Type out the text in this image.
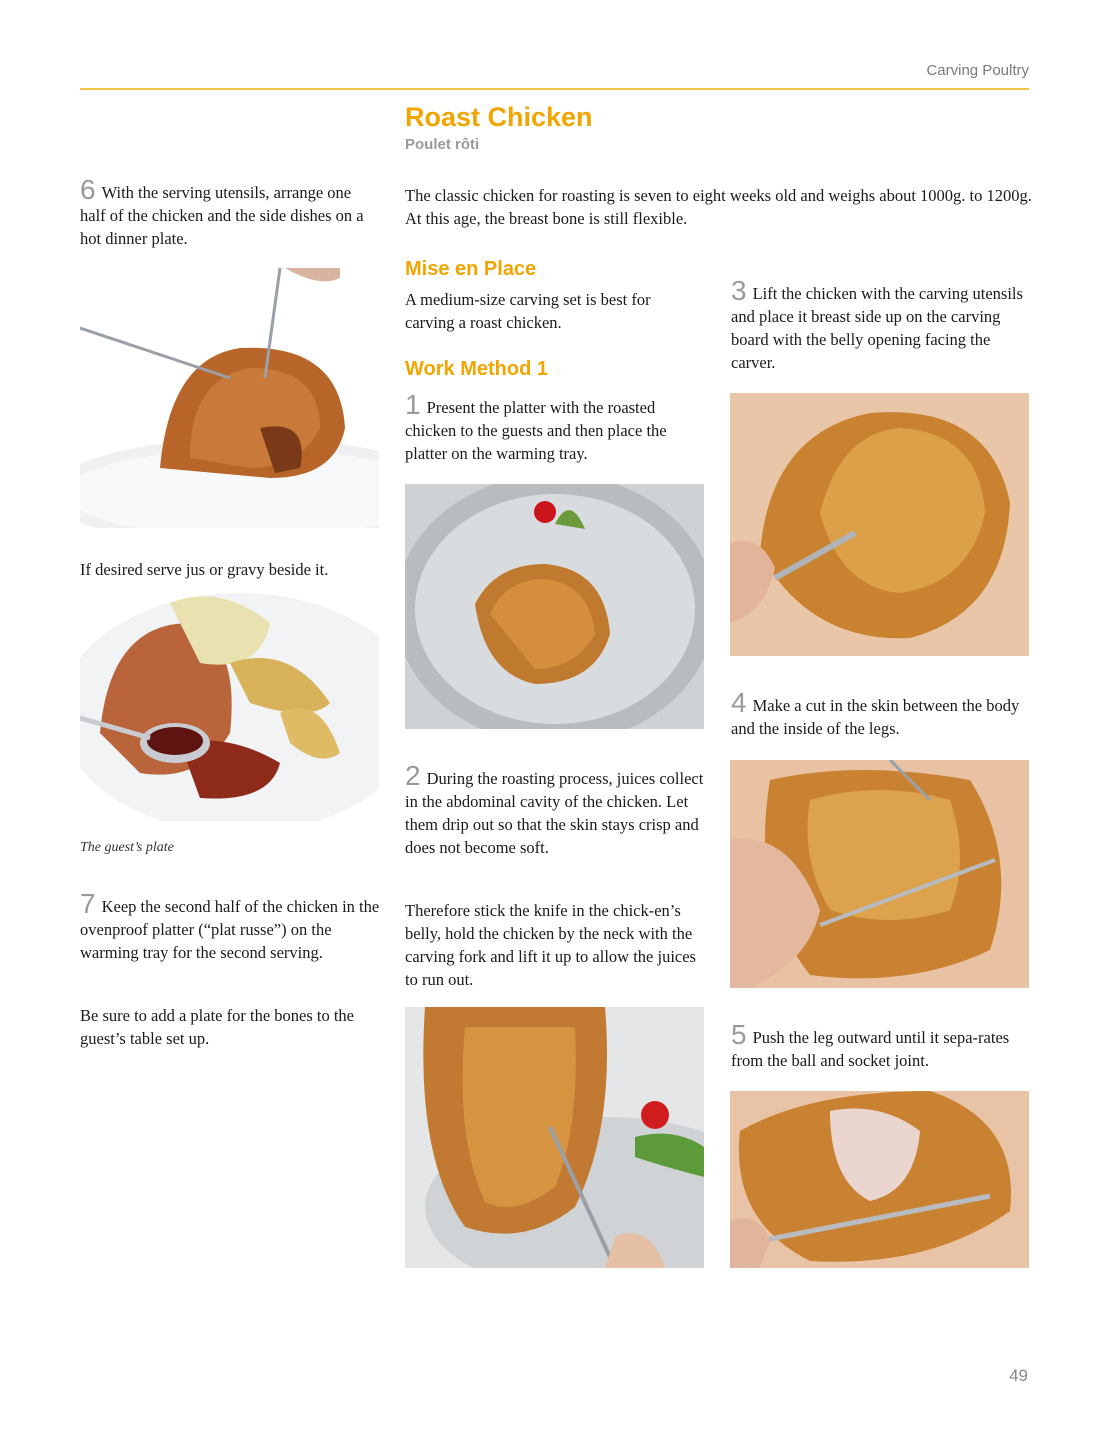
Carving Poultry
Roast Chicken
Poulet rôti

6 With the serving utensils, arrange one half of the chicken and the side dishes on a hot dinner plate.

If desired serve jus or gravy beside it.

The guest’s plate

7 Keep the second half of the chicken in the ovenproof platter (“plat russe”) on the warming tray for the second serving.

Be sure to add a plate for the bones to the guest’s table set up.

The classic chicken for roasting is seven to eight weeks old and weighs about 1000g. to 1200g. At this age, the breast bone is still flexible.

Mise en Place

A medium-size carving set is best for carving a roast chicken.

Work Method 1

1 Present the platter with the roasted chicken to the guests and then place the platter on the warming tray.

2 During the roasting process, juices collect in the abdominal cavity of the chicken. Let them drip out so that the skin stays crisp and does not become soft.

Therefore stick the knife in the chick-en’s belly, hold the chicken by the neck with the carving fork and lift it up to allow the juices to run out.

3 Lift the chicken with the carving utensils and place it breast side up on the carving board with the belly opening facing the carver.

4 Make a cut in the skin between the body and the inside of the legs.

5 Push the leg outward until it sepa-rates from the ball and socket joint.

49
